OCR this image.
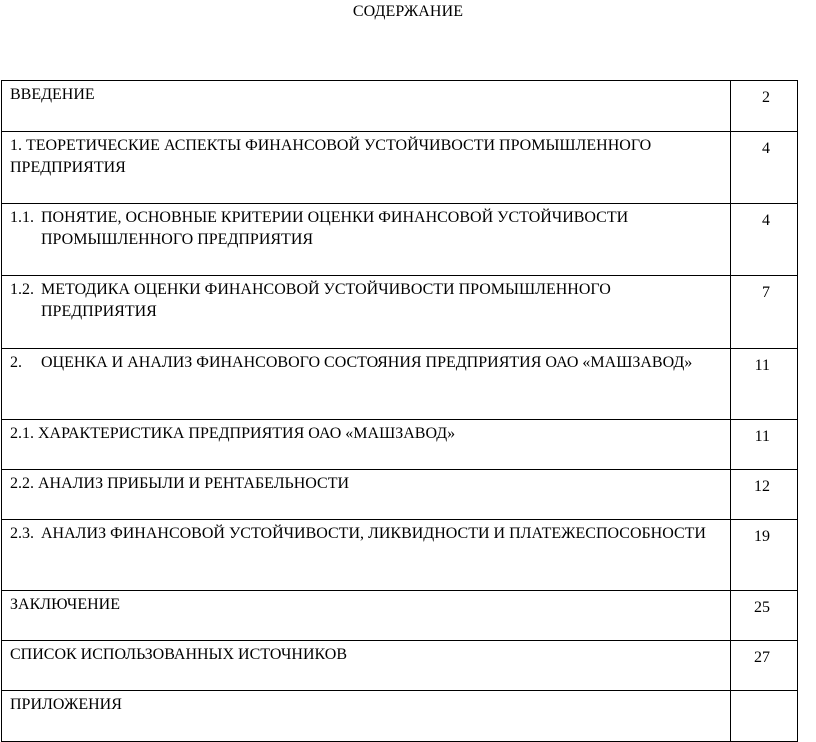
СОДЕРЖАНИЕ
ВВЕДЕНИЕ	2

1. ТЕОРЕТИЧЕСКИЕ АСПЕКТЫ ФИНАНСОВОЙ УСТОЙЧИВОСТИ ПРОМЫШЛЕННОГО ПРЕДПРИЯТИЯ	4

1.1. ПОНЯТИЕ, ОСНОВНЫЕ КРИТЕРИИ ОЦЕНКИ ФИНАНСОВОЙ УСТОЙЧИВОСТИ ПРОМЫШЛЕННОГО ПРЕДПРИЯТИЯ	4

1.2. МЕТОДИКА ОЦЕНКИ ФИНАНСОВОЙ УСТОЙЧИВОСТИ ПРОМЫШЛЕННОГО ПРЕДПРИЯТИЯ	7

2. ОЦЕНКА И АНАЛИЗ ФИНАНСОВОГО СОСТОЯНИЯ ПРЕДПРИЯТИЯ ОАО «МАШЗАВОД»	11

2.1. ХАРАКТЕРИСТИКА ПРЕДПРИЯТИЯ ОАО «МАШЗАВОД»	11

2.2. АНАЛИЗ ПРИБЫЛИ И РЕНТАБЕЛЬНОСТИ	12

2.3. АНАЛИЗ ФИНАНСОВОЙ УСТОЙЧИВОСТИ, ЛИКВИДНОСТИ И ПЛАТЕЖЕСПОСОБНОСТИ	19

ЗАКЛЮЧЕНИЕ	25

СПИСОК ИСПОЛЬЗОВАННЫХ ИСТОЧНИКОВ	27

ПРИЛОЖЕНИЯ	
